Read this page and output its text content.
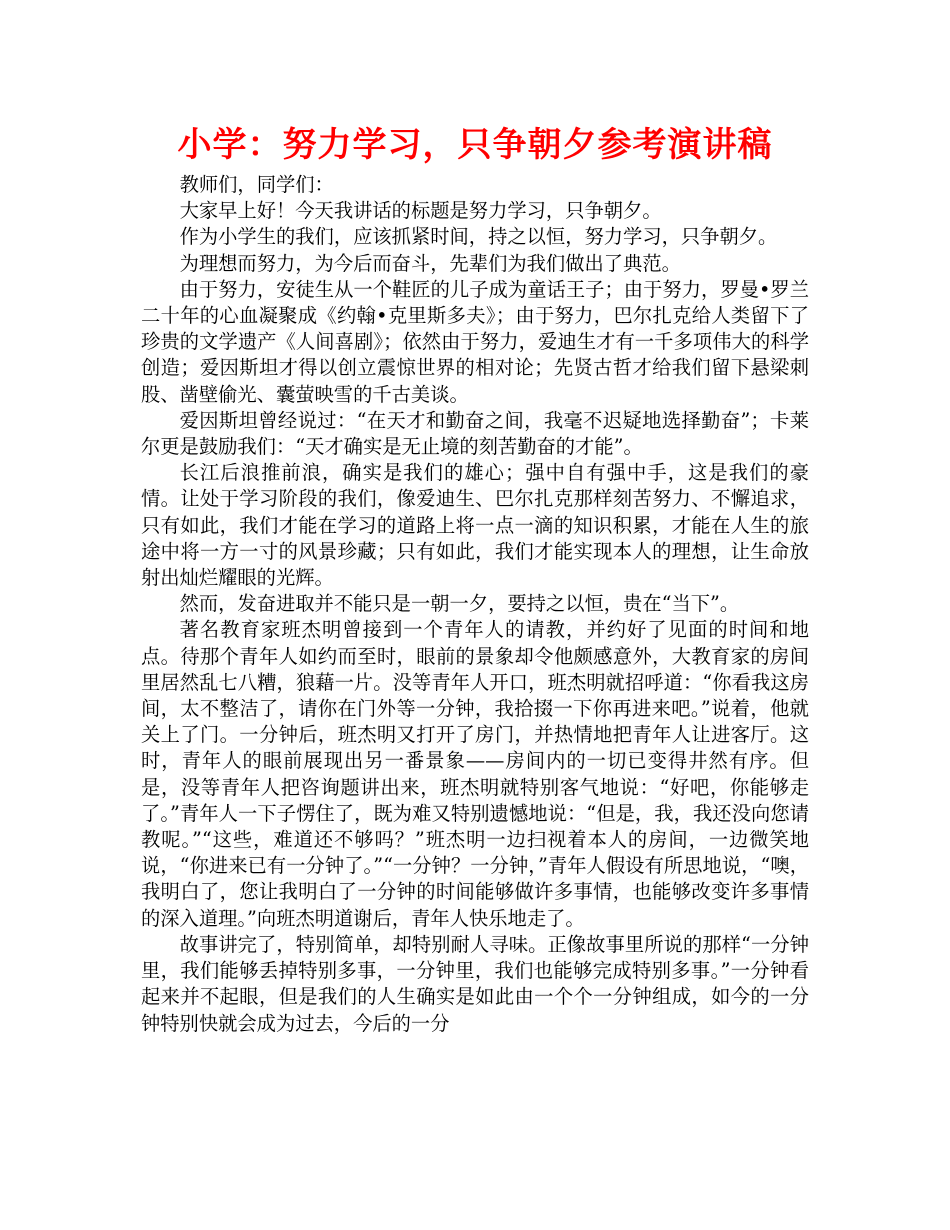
小学：努力学习，只争朝夕参考演讲稿

教师们，同学们：

大家早上好！今天我讲话的标题是努力学习，只争朝夕。

作为小学生的我们，应该抓紧时间，持之以恒，努力学习，只争朝夕。

为理想而努力，为今后而奋斗，先辈们为我们做出了典范。

由于努力，安徒生从一个鞋匠的儿子成为童话王子；由于努力，罗曼•罗兰二十年的心血凝聚成《约翰•克里斯多夫》；由于努力，巴尔扎克给人类留下了珍贵的文学遗产《人间喜剧》；依然由于努力，爱迪生才有一千多项伟大的科学创造；爱因斯坦才得以创立震惊世界的相对论；先贤古哲才给我们留下悬梁刺股、凿壁偷光、囊萤映雪的千古美谈。

爱因斯坦曾经说过：“在天才和勤奋之间，我毫不迟疑地选择勤奋”；卡莱尔更是鼓励我们：“天才确实是无止境的刻苦勤奋的才能”。

长江后浪推前浪，确实是我们的雄心；强中自有强中手，这是我们的豪情。让处于学习阶段的我们，像爱迪生、巴尔扎克那样刻苦努力、不懈追求，只有如此，我们才能在学习的道路上将一点一滴的知识积累，才能在人生的旅途中将一方一寸的风景珍藏；只有如此，我们才能实现本人的理想，让生命放射出灿烂耀眼的光辉。

然而，发奋进取并不能只是一朝一夕，要持之以恒，贵在“当下”。

著名教育家班杰明曾接到一个青年人的请教，并约好了见面的时间和地点。待那个青年人如约而至时，眼前的景象却令他颇感意外，大教育家的房间里居然乱七八糟，狼藉一片。没等青年人开口，班杰明就招呼道：“你看我这房间，太不整洁了，请你在门外等一分钟，我拾掇一下你再进来吧。”说着，他就关上了门。一分钟后，班杰明又打开了房门，并热情地把青年人让进客厅。这时，青年人的眼前展现出另一番景象——房间内的一切已变得井然有序。但是，没等青年人把咨询题讲出来，班杰明就特别客气地说：“好吧，你能够走了。”青年人一下子愣住了，既为难又特别遗憾地说：“但是，我，我还没向您请教呢。”“这些，难道还不够吗？”班杰明一边扫视着本人的房间，一边微笑地说，“你进来已有一分钟了。”“一分钟？一分钟，”青年人假设有所思地说，“噢，我明白了，您让我明白了一分钟的时间能够做许多事情，也能够改变许多事情的深入道理。”向班杰明道谢后，青年人快乐地走了。

故事讲完了，特别简单，却特别耐人寻味。正像故事里所说的那样“一分钟里，我们能够丢掉特别多事，一分钟里，我们也能够完成特别多事。”一分钟看起来并不起眼，但是我们的人生确实是如此由一个个一分钟组成，如今的一分钟特别快就会成为过去，今后的一分
